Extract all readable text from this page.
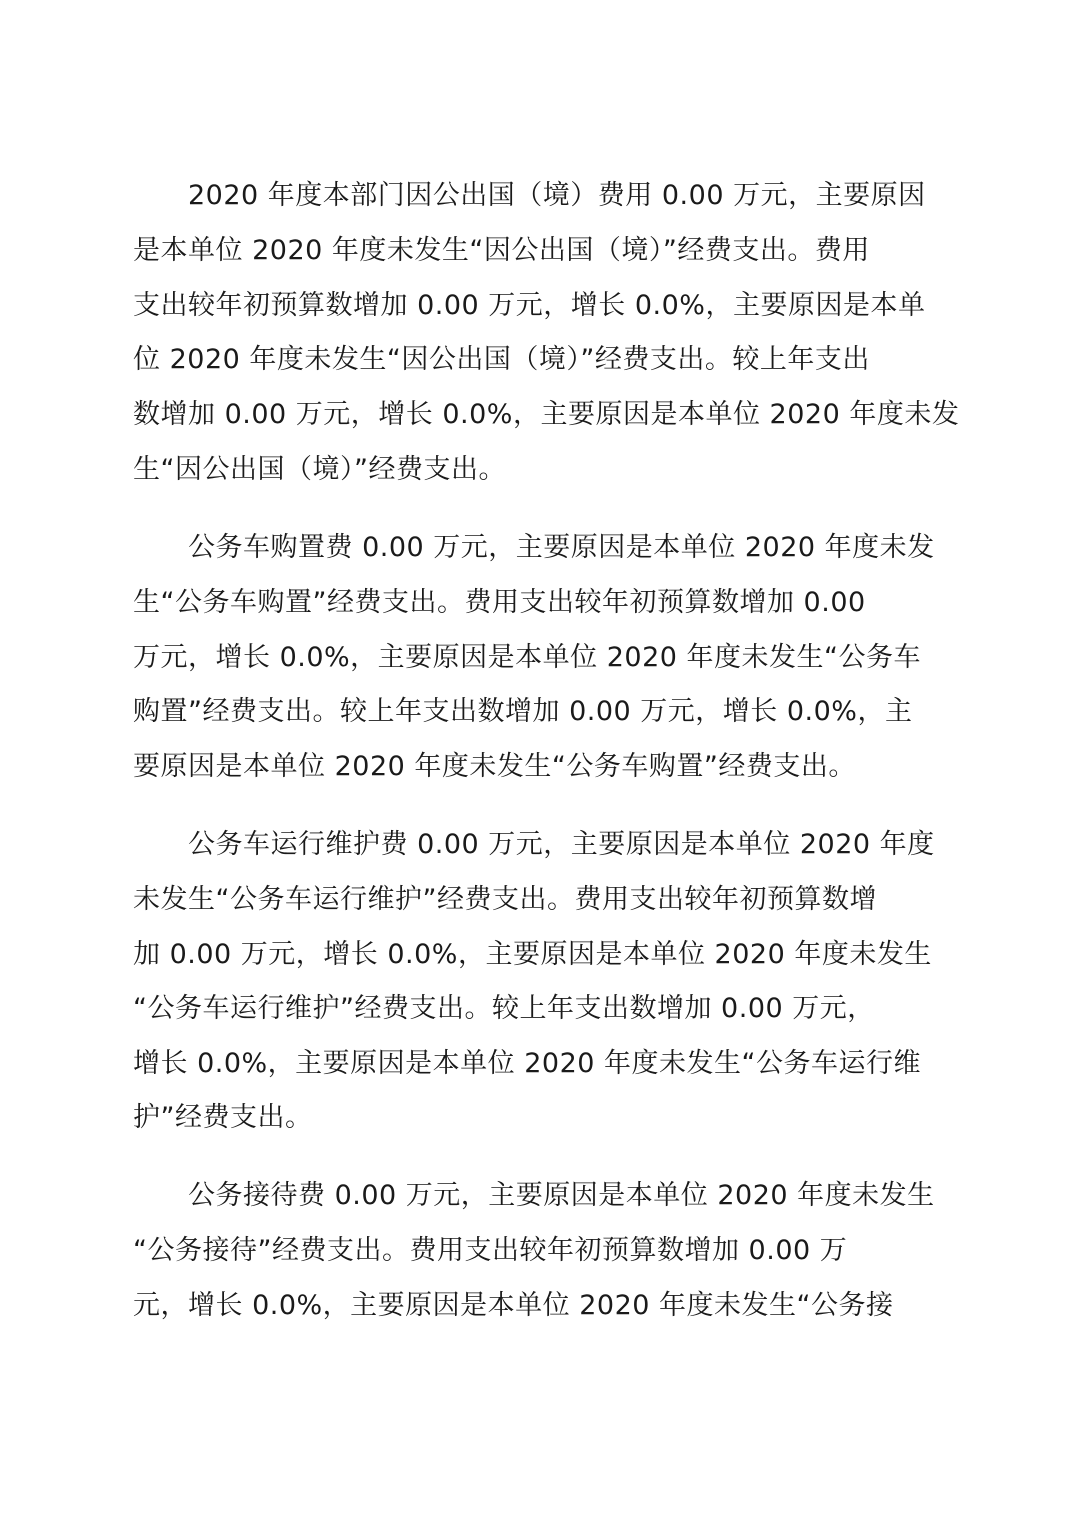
2020 年度本部门因公出国（境）费用 0.00 万元，主要原因
是本单位 2020 年度未发生“因公出国（境）”经费支出。费用
支出较年初预算数增加 0.00 万元，增长 0.0%，主要原因是本单
位 2020 年度未发生“因公出国（境）”经费支出。较上年支出
数增加 0.00 万元，增长 0.0%，主要原因是本单位 2020 年度未发
生“因公出国（境）”经费支出。
公务车购置费 0.00 万元，主要原因是本单位 2020 年度未发
生“公务车购置”经费支出。费用支出较年初预算数增加 0.00
万元，增长 0.0%，主要原因是本单位 2020 年度未发生“公务车
购置”经费支出。较上年支出数增加 0.00 万元，增长 0.0%，主
要原因是本单位 2020 年度未发生“公务车购置”经费支出。
公务车运行维护费 0.00 万元，主要原因是本单位 2020 年度
未发生“公务车运行维护”经费支出。费用支出较年初预算数增
加 0.00 万元，增长 0.0%，主要原因是本单位 2020 年度未发生
“公务车运行维护”经费支出。较上年支出数增加 0.00 万元，
增长 0.0%，主要原因是本单位 2020 年度未发生“公务车运行维
护”经费支出。
公务接待费 0.00 万元，主要原因是本单位 2020 年度未发生
“公务接待”经费支出。费用支出较年初预算数增加 0.00 万
元，增长 0.0%，主要原因是本单位 2020 年度未发生“公务接
